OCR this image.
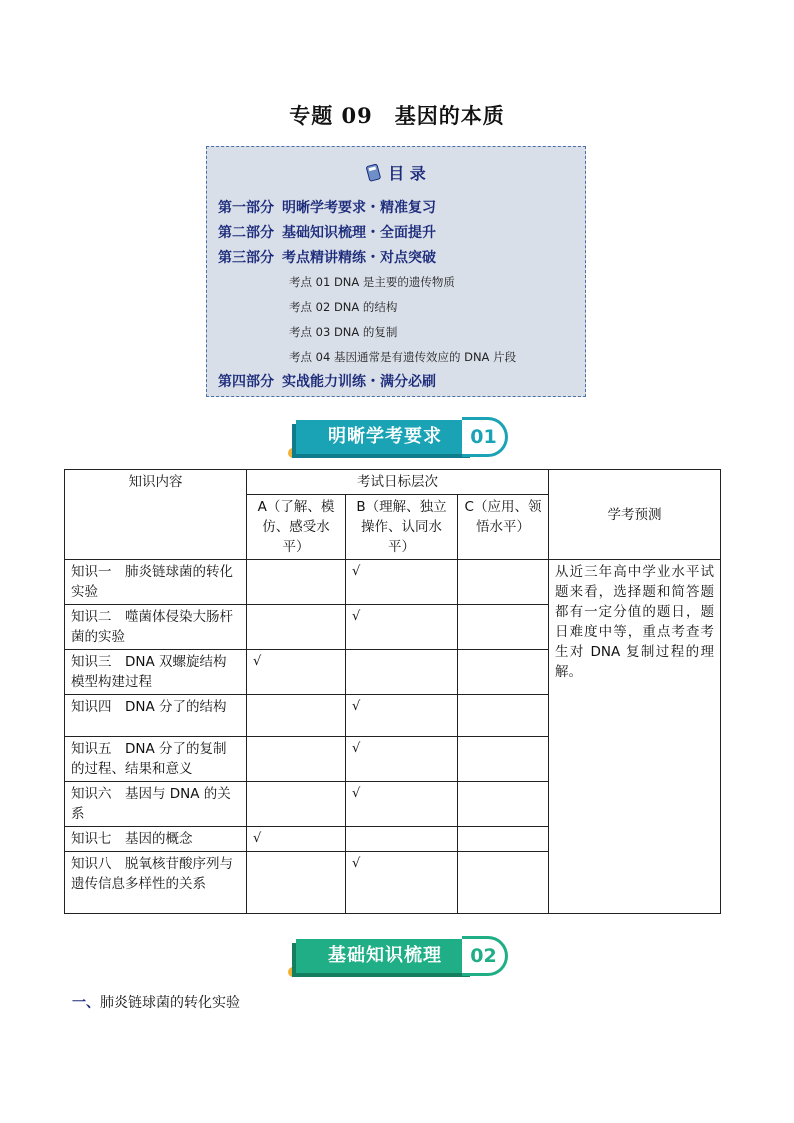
专题 09　基因的本质
目 录
第一部分 明晰学考要求・精准复习
第二部分 基础知识梳理・全面提升
第三部分 考点精讲精练・对点突破
考点 01 DNA 是主要的遗传物质
考点 02 DNA 的结构
考点 03 DNA 的复制
考点 04 基因通常是有遗传效应的 DNA 片段
第四部分 实战能力训练・满分必刷
明晰学考要求	01
知识内容	考试日标层次			学考预测
	A（了解、模仿、感受水平）	B（理解、独立操作、认同水平）	C（应用、领悟水平）	
知识一　肺炎链球菌的转化实验		√		从近三年高中学业水平试题来看，选择题和简答题都有一定分值的题日，题日难度中等，重点考查考生对 DNA 复制过程的理解。
知识二　噬菌体侵染大肠杆菌的实验		√		
知识三　DNA 双螺旋结构模型构建过程	√			
知识四　DNA 分了的结构		√		
知识五　DNA 分了的复制的过程、结果和意义		√		
知识六　基因与 DNA 的关系		√		
知识七　基因的概念	√			
知识八　脱氧核苷酸序列与遗传信息多样性的关系		√		
基础知识梳理	02
一、肺炎链球菌的转化实验
